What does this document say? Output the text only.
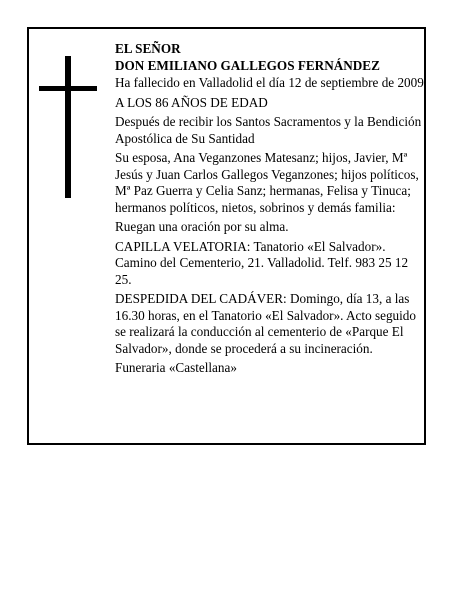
EL SEÑOR

DON EMILIANO GALLEGOS FERNÁNDEZ

Ha fallecido en Valladolid el día 12 de septiembre de 2009

A LOS 86 AÑOS DE EDAD

Después de recibir los Santos Sacramentos y la Bendición Apostólica de Su Santidad

Su esposa, Ana Veganzones Matesanz; hijos, Javier, Mª Jesús y Juan Carlos Gallegos Veganzones; hijos políticos, Mª Paz Guerra y Celia Sanz; hermanas, Felisa y Tinuca; hermanos políticos, nietos, sobrinos y demás familia:

Ruegan una oración por su alma.

CAPILLA VELATORIA: Tanatorio «El Salvador». Camino del Cementerio, 21. Valladolid. Telf. 983 25 12 25.

DESPEDIDA DEL CADÁVER: Domingo, día 13, a las 16.30 horas, en el Tanatorio «El Salvador». Acto seguido se realizará la conducción al cementerio de «Parque El Salvador», donde se procederá a su incineración.

Funeraria «Castellana»
